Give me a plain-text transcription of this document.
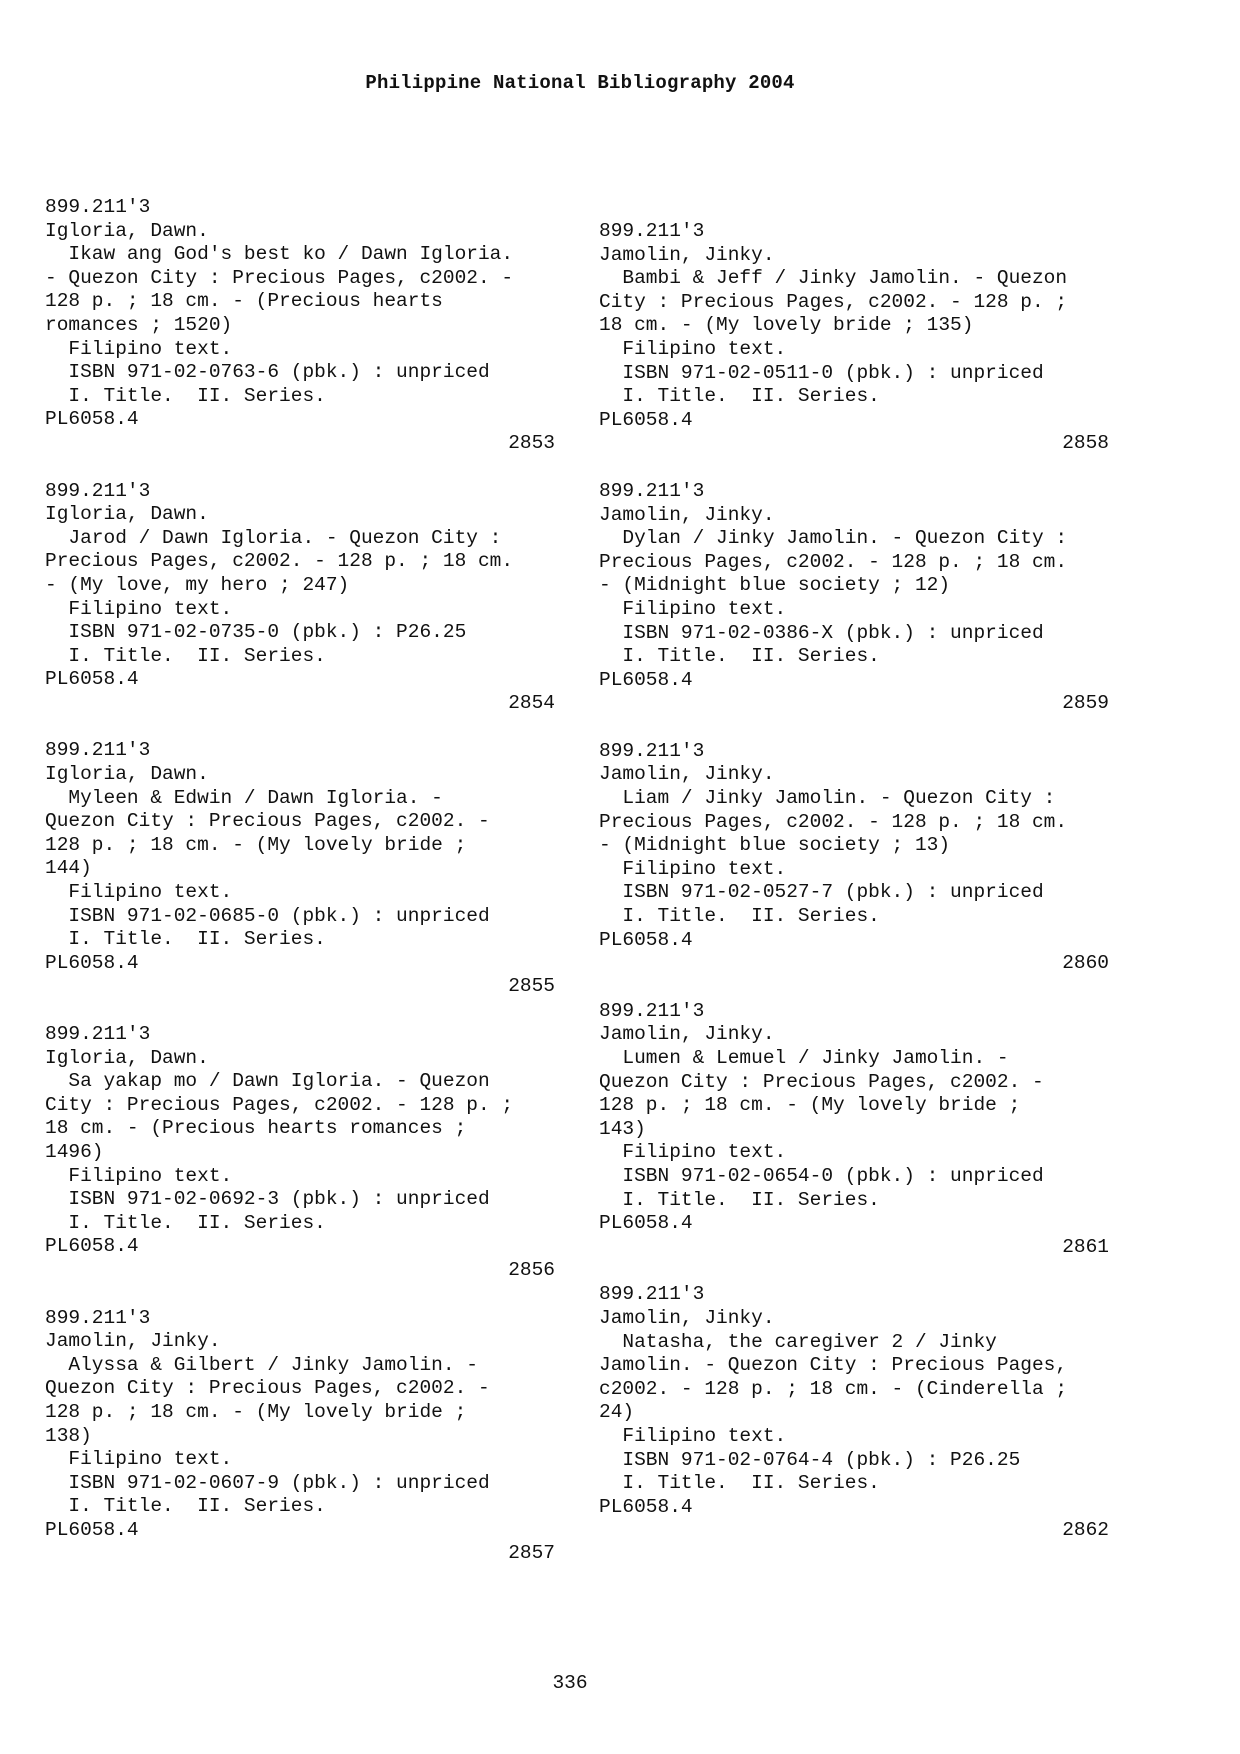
Philippine National Bibliography 2004
899.211'3
Igloria, Dawn.
Ikaw ang God's best ko / Dawn Igloria.
- Quezon City : Precious Pages, c2002. -
128 p. ; 18 cm. - (Precious hearts
romances ; 1520)
Filipino text.
ISBN 971-02-0763-6 (pbk.) : unpriced
I. Title.  II. Series.
PL6058.4
2853
899.211'3
Igloria, Dawn.
Jarod / Dawn Igloria. - Quezon City :
Precious Pages, c2002. - 128 p. ; 18 cm.
- (My love, my hero ; 247)
Filipino text.
ISBN 971-02-0735-0 (pbk.) : P26.25
I. Title.  II. Series.
PL6058.4
2854
899.211'3
Igloria, Dawn.
Myleen & Edwin / Dawn Igloria. -
Quezon City : Precious Pages, c2002. -
128 p. ; 18 cm. - (My lovely bride ;
144)
Filipino text.
ISBN 971-02-0685-0 (pbk.) : unpriced
I. Title.  II. Series.
PL6058.4
2855
899.211'3
Igloria, Dawn.
Sa yakap mo / Dawn Igloria. - Quezon
City : Precious Pages, c2002. - 128 p. ;
18 cm. - (Precious hearts romances ;
1496)
Filipino text.
ISBN 971-02-0692-3 (pbk.) : unpriced
I. Title.  II. Series.
PL6058.4
2856
899.211'3
Jamolin, Jinky.
Alyssa & Gilbert / Jinky Jamolin. -
Quezon City : Precious Pages, c2002. -
128 p. ; 18 cm. - (My lovely bride ;
138)
Filipino text.
ISBN 971-02-0607-9 (pbk.) : unpriced
I. Title.  II. Series.
PL6058.4
2857
899.211'3
Jamolin, Jinky.
Bambi & Jeff / Jinky Jamolin. - Quezon
City : Precious Pages, c2002. - 128 p. ;
18 cm. - (My lovely bride ; 135)
Filipino text.
ISBN 971-02-0511-0 (pbk.) : unpriced
I. Title.  II. Series.
PL6058.4
2858
899.211'3
Jamolin, Jinky.
Dylan / Jinky Jamolin. - Quezon City :
Precious Pages, c2002. - 128 p. ; 18 cm.
- (Midnight blue society ; 12)
Filipino text.
ISBN 971-02-0386-X (pbk.) : unpriced
I. Title.  II. Series.
PL6058.4
2859
899.211'3
Jamolin, Jinky.
Liam / Jinky Jamolin. - Quezon City :
Precious Pages, c2002. - 128 p. ; 18 cm.
- (Midnight blue society ; 13)
Filipino text.
ISBN 971-02-0527-7 (pbk.) : unpriced
I. Title.  II. Series.
PL6058.4
2860
899.211'3
Jamolin, Jinky.
Lumen & Lemuel / Jinky Jamolin. -
Quezon City : Precious Pages, c2002. -
128 p. ; 18 cm. - (My lovely bride ;
143)
Filipino text.
ISBN 971-02-0654-0 (pbk.) : unpriced
I. Title.  II. Series.
PL6058.4
2861
899.211'3
Jamolin, Jinky.
Natasha, the caregiver 2 / Jinky
Jamolin. - Quezon City : Precious Pages,
c2002. - 128 p. ; 18 cm. - (Cinderella ;
24)
Filipino text.
ISBN 971-02-0764-4 (pbk.) : P26.25
I. Title.  II. Series.
PL6058.4
2862
336
